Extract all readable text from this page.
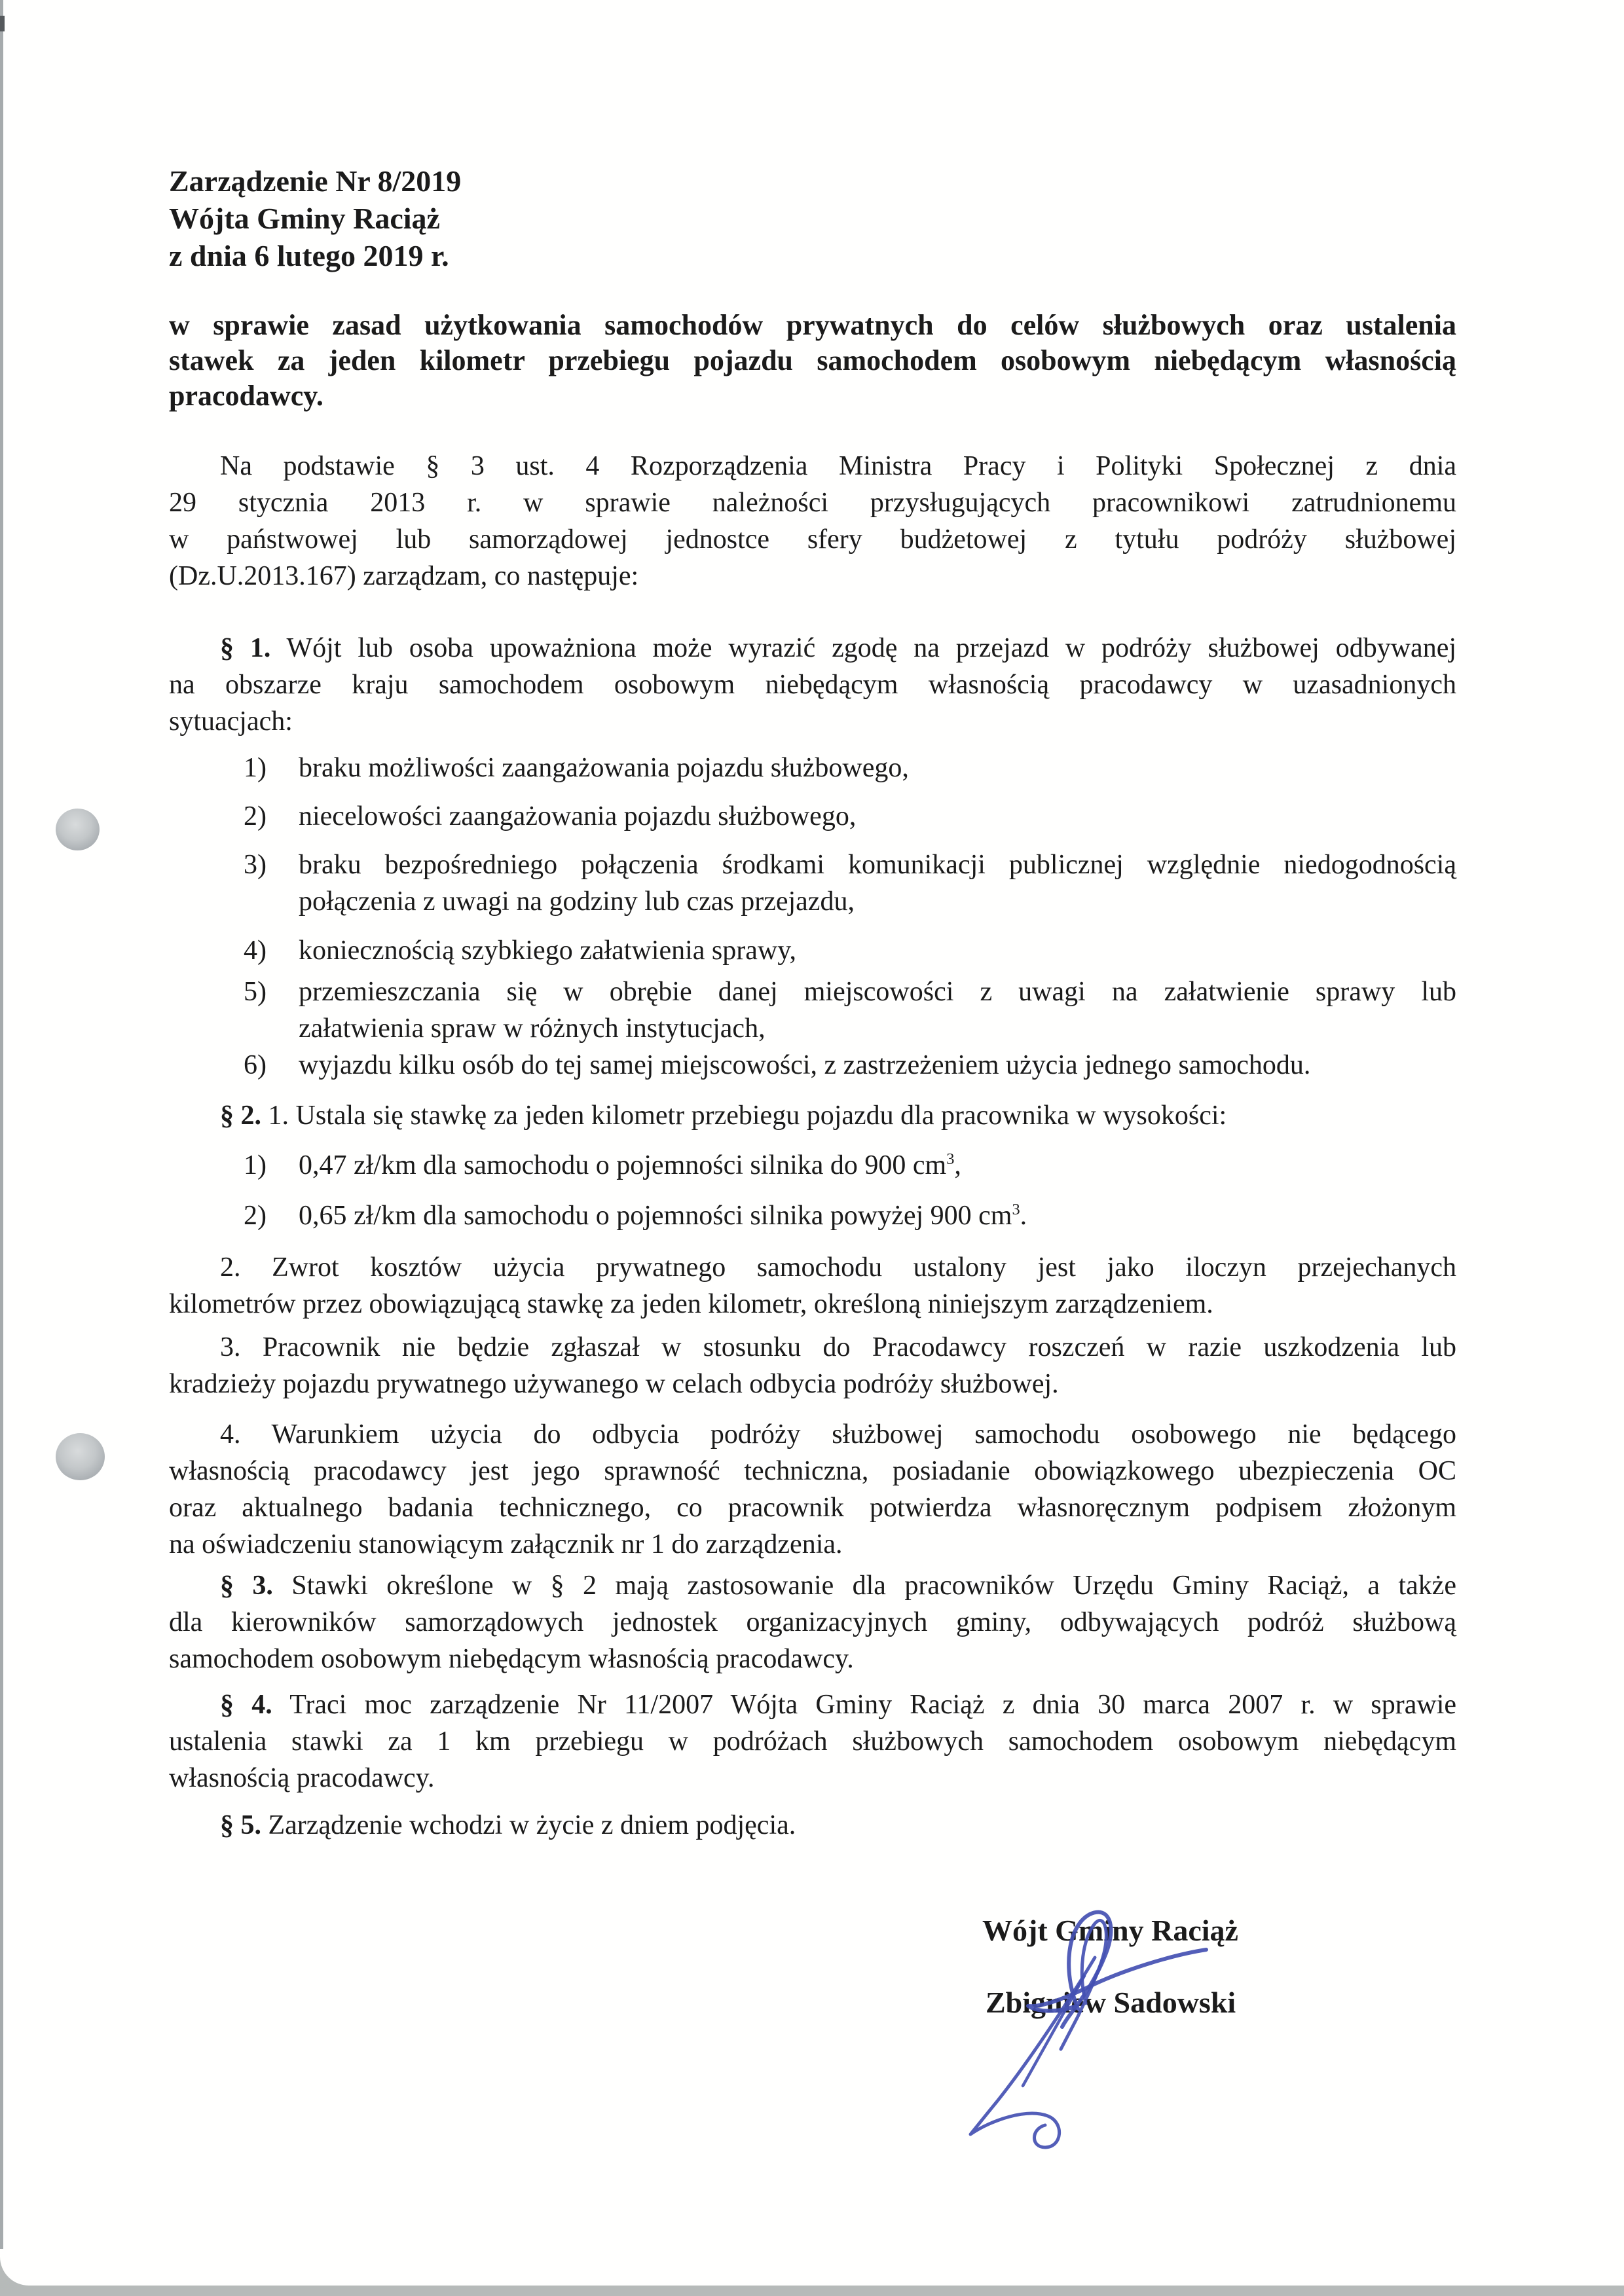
Zarządzenie Nr 8/2019
Wójta Gminy Raciąż
z dnia 6 lutego 2019 r.
w sprawie zasad użytkowania samochodów prywatnych do celów służbowych oraz ustalenia
stawek za jeden kilometr przebiegu pojazdu samochodem osobowym niebędącym własnością
pracodawcy.
Na podstawie § 3 ust. 4 Rozporządzenia Ministra Pracy i Polityki Społecznej z dnia
29 stycznia 2013 r. w sprawie należności przysługujących pracownikowi zatrudnionemu
w państwowej lub samorządowej jednostce sfery budżetowej z tytułu podróży służbowej
(Dz.U.2013.167) zarządzam, co następuje:
§ 1. Wójt lub osoba upoważniona może wyrazić zgodę na przejazd w podróży służbowej odbywanej
na obszarze kraju samochodem osobowym niebędącym własnością pracodawcy w uzasadnionych
sytuacjach:
1)	braku możliwości zaangażowania pojazdu służbowego,
2)	niecelowości zaangażowania pojazdu służbowego,
3)	braku bezpośredniego połączenia środkami komunikacji publicznej względnie niedogodnością
połączenia z uwagi na godziny lub czas przejazdu,
4)	koniecznością szybkiego załatwienia sprawy,
5)	przemieszczania się w obrębie danej miejscowości z uwagi na załatwienie sprawy lub
załatwienia spraw w różnych instytucjach,
6)	wyjazdu kilku osób do tej samej miejscowości, z zastrzeżeniem użycia jednego samochodu.
§ 2. 1. Ustala się stawkę za jeden kilometr przebiegu pojazdu dla pracownika w wysokości:
1)	0,47 zł/km dla samochodu o pojemności silnika do 900 $cm^3$,
2)	0,65 zł/km dla samochodu o pojemności silnika powyżej 900 $cm^3$.
2. Zwrot kosztów użycia prywatnego samochodu ustalony jest jako iloczyn przejechanych
kilometrów przez obowiązującą stawkę za jeden kilometr, określoną niniejszym zarządzeniem.
3. Pracownik nie będzie zgłaszał w stosunku do Pracodawcy roszczeń w razie uszkodzenia lub
kradzieży pojazdu prywatnego używanego w celach odbycia podróży służbowej.
4. Warunkiem użycia do odbycia podróży służbowej samochodu osobowego nie będącego
własnością pracodawcy jest jego sprawność techniczna, posiadanie obowiązkowego ubezpieczenia OC
oraz aktualnego badania technicznego, co pracownik potwierdza własnoręcznym podpisem złożonym
na oświadczeniu stanowiącym załącznik nr 1 do zarządzenia.
§ 3. Stawki określone w § 2 mają zastosowanie dla pracowników Urzędu Gminy Raciąż, a także
dla kierowników samorządowych jednostek organizacyjnych gminy, odbywających podróż służbową
samochodem osobowym niebędącym własnością pracodawcy.
§ 4. Traci moc zarządzenie Nr 11/2007 Wójta Gminy Raciąż z dnia 30 marca 2007 r. w sprawie
ustalenia stawki za 1 km przebiegu w podróżach służbowych samochodem osobowym niebędącym
własnością pracodawcy.
§ 5. Zarządzenie wchodzi w życie z dniem podjęcia.
Wójt Gminy Raciąż
Zbigniew Sadowski
